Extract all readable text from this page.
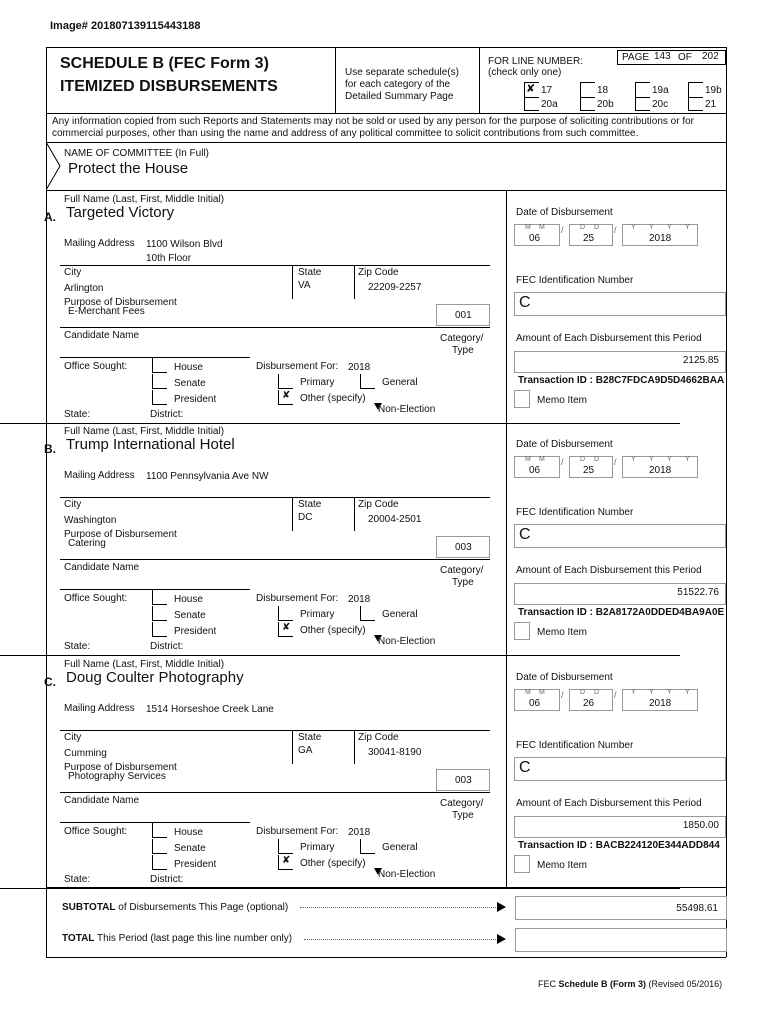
Image# 201807139115443188
SCHEDULE B (FEC Form 3)
ITEMIZED DISBURSEMENTS
Use separate schedule(s)
for each category of the
Detailed Summary Page
FOR LINE NUMBER:
(check only one)
PAGE 143 OF 202
✘ 17	18	19a	19b
20a	20b	20c	21
Any information copied from such Reports and Statements may not be sold or used by any person for the purpose of soliciting contributions or for commercial purposes, other than using the name and address of any political committee to solicit contributions from such committee.
NAME OF COMMITTEE (In Full)
Protect the House
Full Name (Last, First, Middle Initial)
A. Targeted Victory
Mailing Address 1100 Wilson Blvd
10th Floor
City	State	Zip Code
Arlington	VA	22209-2257
Purpose of Disbursement
E-Merchant Fees	001
Candidate Name	Category/
Type
Office Sought:	House
Senate
President
State:	District:
Disbursement For: 2018
Primary	General
✘ Other (specify)
Non-Election
Date of Disbursement
M M
06
/ D D
25
/ Y Y Y Y
2018
FEC Identification Number
C
Amount of Each Disbursement this Period
2125.85
Transaction ID : B28C7FDCA9D5D4662BAA
Memo Item
Full Name (Last, First, Middle Initial)
B. Trump International Hotel
Mailing Address 1100 Pennsylvania Ave NW
City	State	Zip Code
Washington	DC	20004-2501
Purpose of Disbursement
Catering	003
Candidate Name	Category/
Type
Office Sought:	House
Senate
President
State:	District:
Disbursement For: 2018
Primary	General
✘ Other (specify)
Non-Election
Date of Disbursement
M M
06
/ D D
25
/ Y Y Y Y
2018
FEC Identification Number
C
Amount of Each Disbursement this Period
51522.76
Transaction ID : B2A8172A0DDED4BA9A0E
Memo Item
Full Name (Last, First, Middle Initial)
C. Doug Coulter Photography
Mailing Address 1514 Horseshoe Creek Lane
City	State	Zip Code
Cumming	GA	30041-8190
Purpose of Disbursement
Photography Services	003
Candidate Name	Category/
Type
Office Sought:	House
Senate
President
State:	District:
Disbursement For: 2018
Primary	General
✘ Other (specify)
Non-Election
Date of Disbursement
M M
06
/ D D
26
/ Y Y Y Y
2018
FEC Identification Number
C
Amount of Each Disbursement this Period
1850.00
Transaction ID : BACB224120E344ADD844
Memo Item
SUBTOTAL of Disbursements This Page (optional)	55498.61
TOTAL This Period (last page this line number only)
FEC Schedule B (Form 3) (Revised 05/2016)
